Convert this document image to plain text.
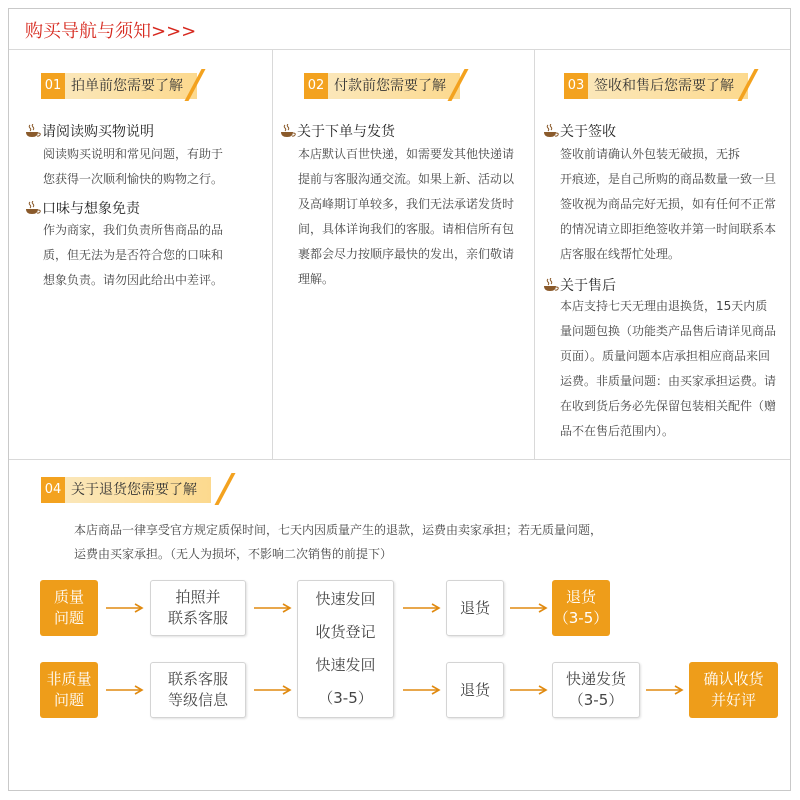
购买导航与须知>>>
01 拍单前您需要了解
请阅读购买物说明
阅读购买说明和常见问题，有助于
您获得一次顺利愉快的购物之行。
口味与想象免责
作为商家，我们负责所售商品的品
质，但无法为是否符合您的口味和
想象负责。请勿因此给出中差评。
02 付款前您需要了解
关于下单与发货
本店默认百世快递，如需要发其他快递请
提前与客服沟通交流。如果上新、活动以
及高峰期订单较多，我们无法承诺发货时
间，具体详询我们的客服。请相信所有包
裹都会尽力按顺序最快的发出，亲们敬请
理解。
03 签收和售后您需要了解
关于签收
签收前请确认外包装无破损，无拆
开痕迹，是自己所购的商品数量一致一旦
签收视为商品完好无损，如有任何不正常
的情况请立即拒绝签收并第一时间联系本
店客服在线帮忙处理。
关于售后
本店支持七天无理由退换货，15天内质
量问题包换（功能类产品售后请详见商品
页面）。质量问题本店承担相应商品来回
运费。非质量问题：由买家承担运费。请
在收到货后务必先保留包装相关配件（赠
品不在售后范围内）。
04 关于退货您需要了解
本店商品一律享受官方规定质保时间，七天内因质量产生的退款，运费由卖家承担；若无质量问题，
运费由买家承担。（无人为损坏，不影响二次销售的前提下）
质量
问题
拍照并
联系客服
快速发回
收货登记
快速发回
（3-5）
退货
退货
（3-5）
非质量
问题
联系客服
等级信息
退货
快递发货
（3-5）
确认收货
并好评
